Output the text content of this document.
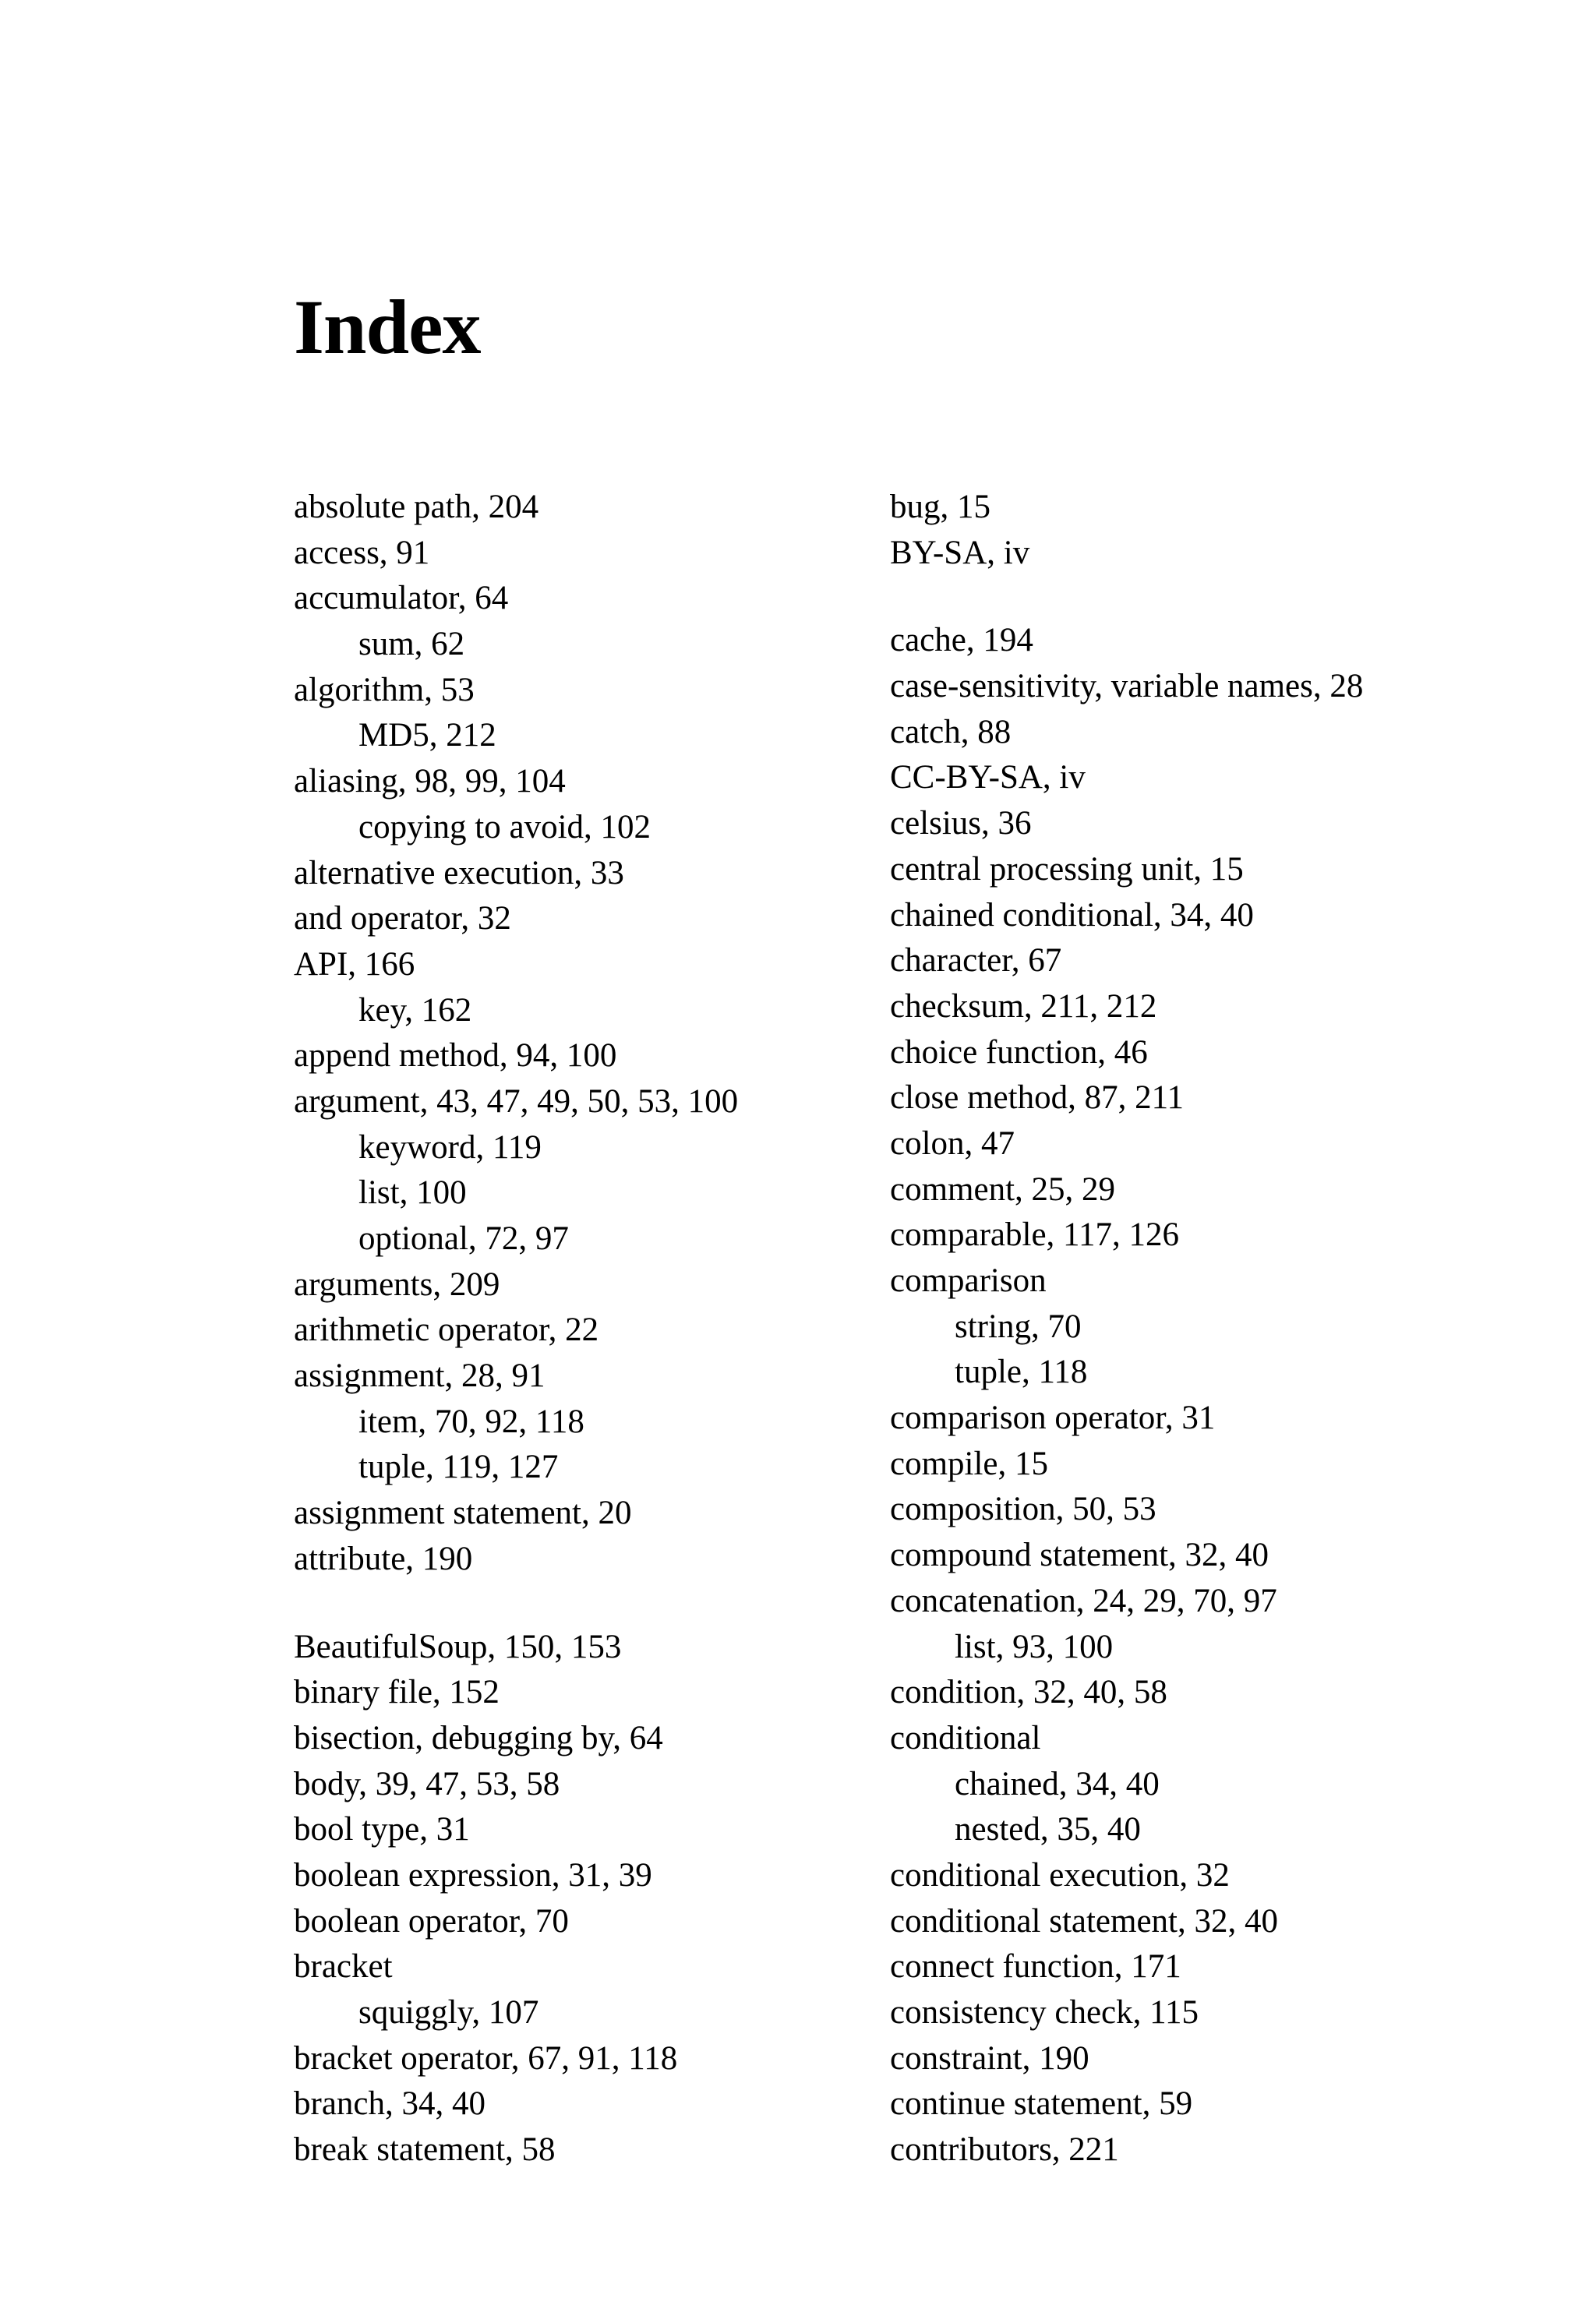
Index
absolute path, 204
access, 91
accumulator, 64
sum, 62
algorithm, 53
MD5, 212
aliasing, 98, 99, 104
copying to avoid, 102
alternative execution, 33
and operator, 32
API, 166
key, 162
append method, 94, 100
argument, 43, 47, 49, 50, 53, 100
keyword, 119
list, 100
optional, 72, 97
arguments, 209
arithmetic operator, 22
assignment, 28, 91
item, 70, 92, 118
tuple, 119, 127
assignment statement, 20
attribute, 190
BeautifulSoup, 150, 153
binary file, 152
bisection, debugging by, 64
body, 39, 47, 53, 58
bool type, 31
boolean expression, 31, 39
boolean operator, 70
bracket
squiggly, 107
bracket operator, 67, 91, 118
branch, 34, 40
break statement, 58
bug, 15
BY-SA, iv
cache, 194
case-sensitivity, variable names, 28
catch, 88
CC-BY-SA, iv
celsius, 36
central processing unit, 15
chained conditional, 34, 40
character, 67
checksum, 211, 212
choice function, 46
close method, 87, 211
colon, 47
comment, 25, 29
comparable, 117, 126
comparison
string, 70
tuple, 118
comparison operator, 31
compile, 15
composition, 50, 53
compound statement, 32, 40
concatenation, 24, 29, 70, 97
list, 93, 100
condition, 32, 40, 58
conditional
chained, 34, 40
nested, 35, 40
conditional execution, 32
conditional statement, 32, 40
connect function, 171
consistency check, 115
constraint, 190
continue statement, 59
contributors, 221
